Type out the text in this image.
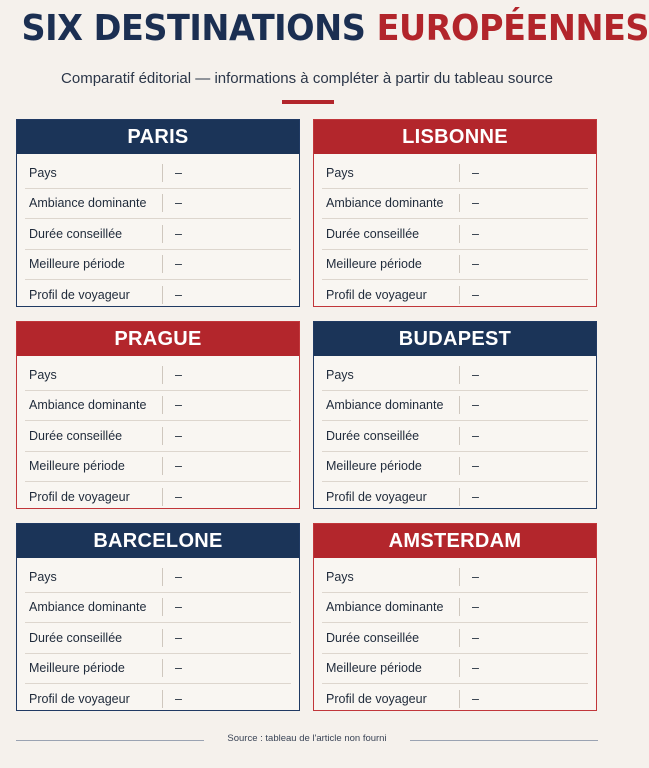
SIX DESTINATIONS EUROPÉENNES
Comparatif éditorial — informations à compléter à partir du tableau source
PARIS
Pays	–
Ambiance dominante	–
Durée conseillée	–
Meilleure période	–
Profil de voyageur	–
LISBONNE
Pays	–
Ambiance dominante	–
Durée conseillée	–
Meilleure période	–
Profil de voyageur	–
PRAGUE
Pays	–
Ambiance dominante	–
Durée conseillée	–
Meilleure période	–
Profil de voyageur	–
BUDAPEST
Pays	–
Ambiance dominante	–
Durée conseillée	–
Meilleure période	–
Profil de voyageur	–
BARCELONE
Pays	–
Ambiance dominante	–
Durée conseillée	–
Meilleure période	–
Profil de voyageur	–
AMSTERDAM
Pays	–
Ambiance dominante	–
Durée conseillée	–
Meilleure période	–
Profil de voyageur	–
Source : tableau de l'article non fourni
